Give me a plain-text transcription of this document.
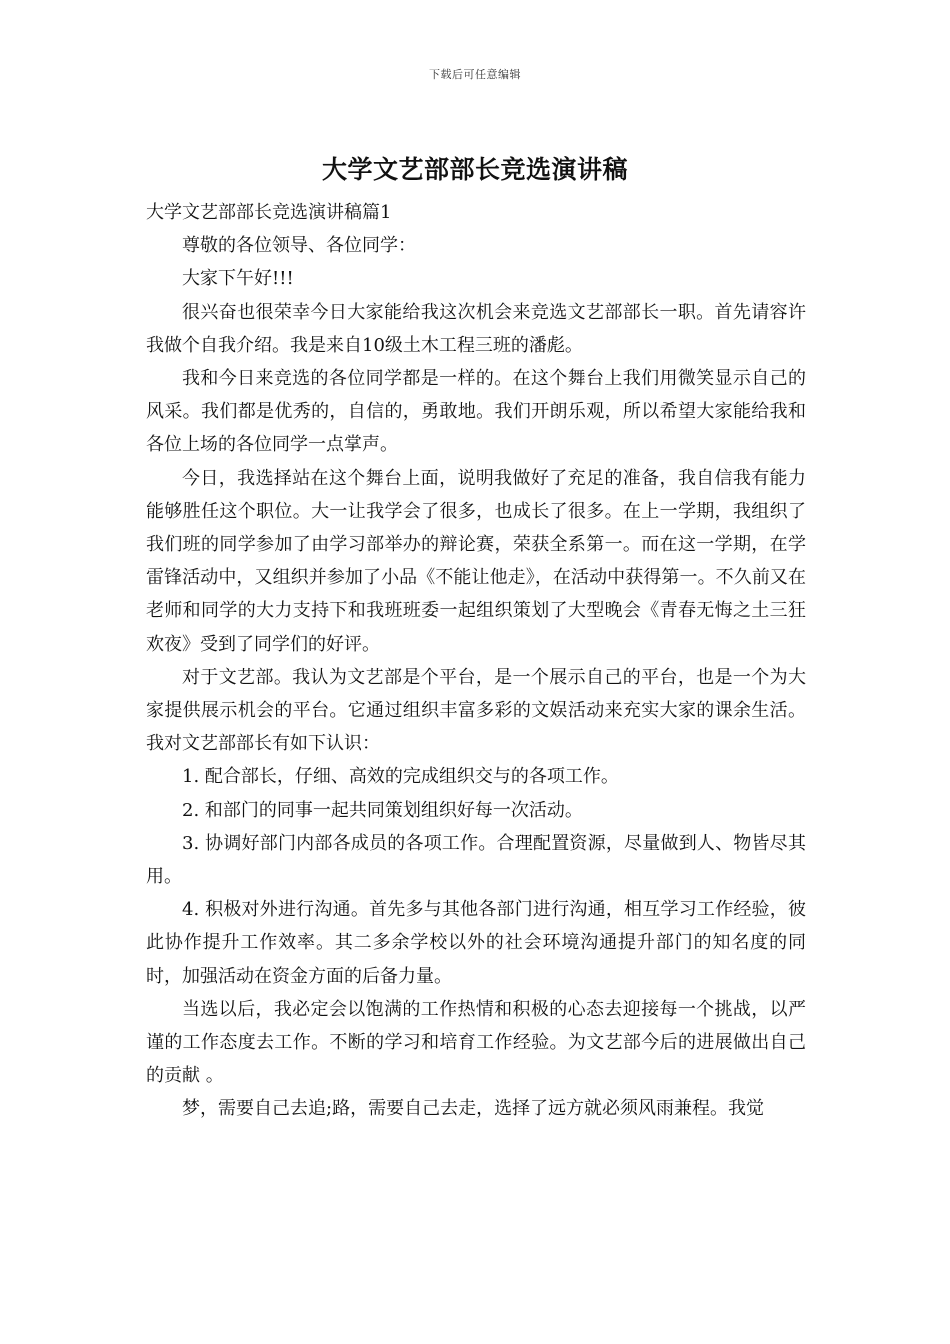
下载后可任意编辑
大学文艺部部长竞选演讲稿

大学文艺部部长竞选演讲稿篇1

尊敬的各位领导、各位同学：

大家下午好!!!

很兴奋也很荣幸今日大家能给我这次机会来竞选文艺部部长一职。首先请容许我做个自我介绍。我是来自10级土木工程三班的潘彪。

我和今日来竞选的各位同学都是一样的。在这个舞台上我们用微笑显示自己的风采。我们都是优秀的，自信的，勇敢地。我们开朗乐观，所以希望大家能给我和各位上场的各位同学一点掌声。

今日，我选择站在这个舞台上面，说明我做好了充足的准备，我自信我有能力能够胜任这个职位。大一让我学会了很多，也成长了很多。在上一学期，我组织了我们班的同学参加了由学习部举办的辩论赛，荣获全系第一。而在这一学期，在学雷锋活动中，又组织并参加了小品《不能让他走》，在活动中获得第一。不久前又在老师和同学的大力支持下和我班班委一起组织策划了大型晚会《青春无悔之土三狂欢夜》受到了同学们的好评。

对于文艺部。我认为文艺部是个平台，是一个展示自己的平台，也是一个为大家提供展示机会的平台。它通过组织丰富多彩的文娱活动来充实大家的课余生活。我对文艺部部长有如下认识：

1. 配合部长，仔细、高效的完成组织交与的各项工作。

2. 和部门的同事一起共同策划组织好每一次活动。

3. 协调好部门内部各成员的各项工作。合理配置资源，尽量做到人、物皆尽其用。

4. 积极对外进行沟通。首先多与其他各部门进行沟通，相互学习工作经验，彼此协作提升工作效率。其二多余学校以外的社会环境沟通提升部门的知名度的同时，加强活动在资金方面的后备力量。

当选以后，我必定会以饱满的工作热情和积极的心态去迎接每一个挑战，以严谨的工作态度去工作。不断的学习和培育工作经验。为文艺部今后的进展做出自己的贡献 。

梦，需要自己去追;路，需要自己去走，选择了远方就必须风雨兼程。我觉
